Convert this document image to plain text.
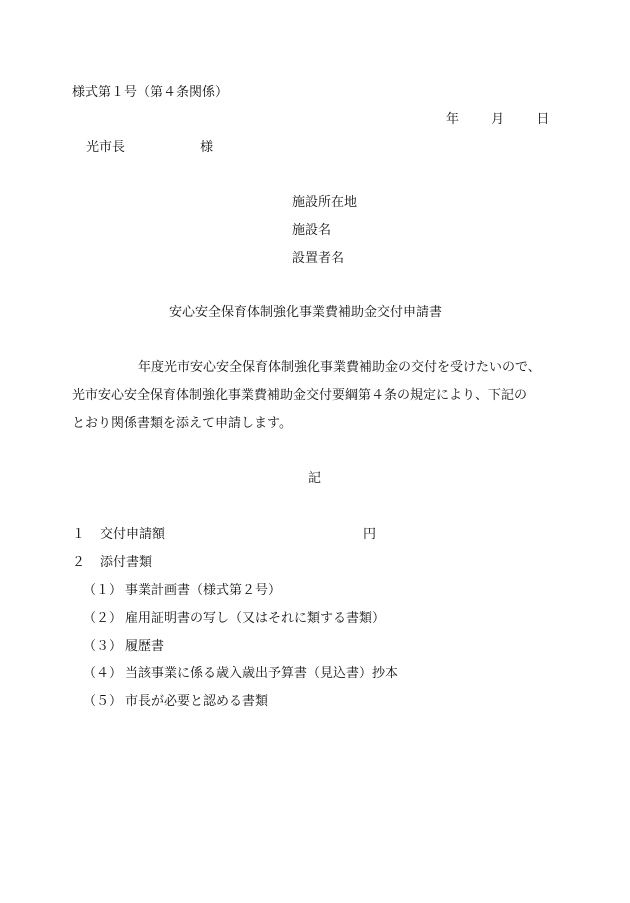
様式第１号（第４条関係）
年 月 日
光市長	様
施設所在地
施設名
設置者名
安心安全保育体制強化事業費補助金交付申請書
年度光市安心安全保育体制強化事業費補助金の交付を受けたいので、
光市安心安全保育体制強化事業費補助金交付要綱第４条の規定により、下記の
とおり関係書類を添えて申請します。
記
１ 交付申請額	円
２ 添付書類
（１） 事業計画書（様式第２号）
（２） 雇用証明書の写し（又はそれに類する書類）
（３） 履歴書
（４） 当該事業に係る歳入歳出予算書（見込書）抄本
（５） 市長が必要と認める書類
